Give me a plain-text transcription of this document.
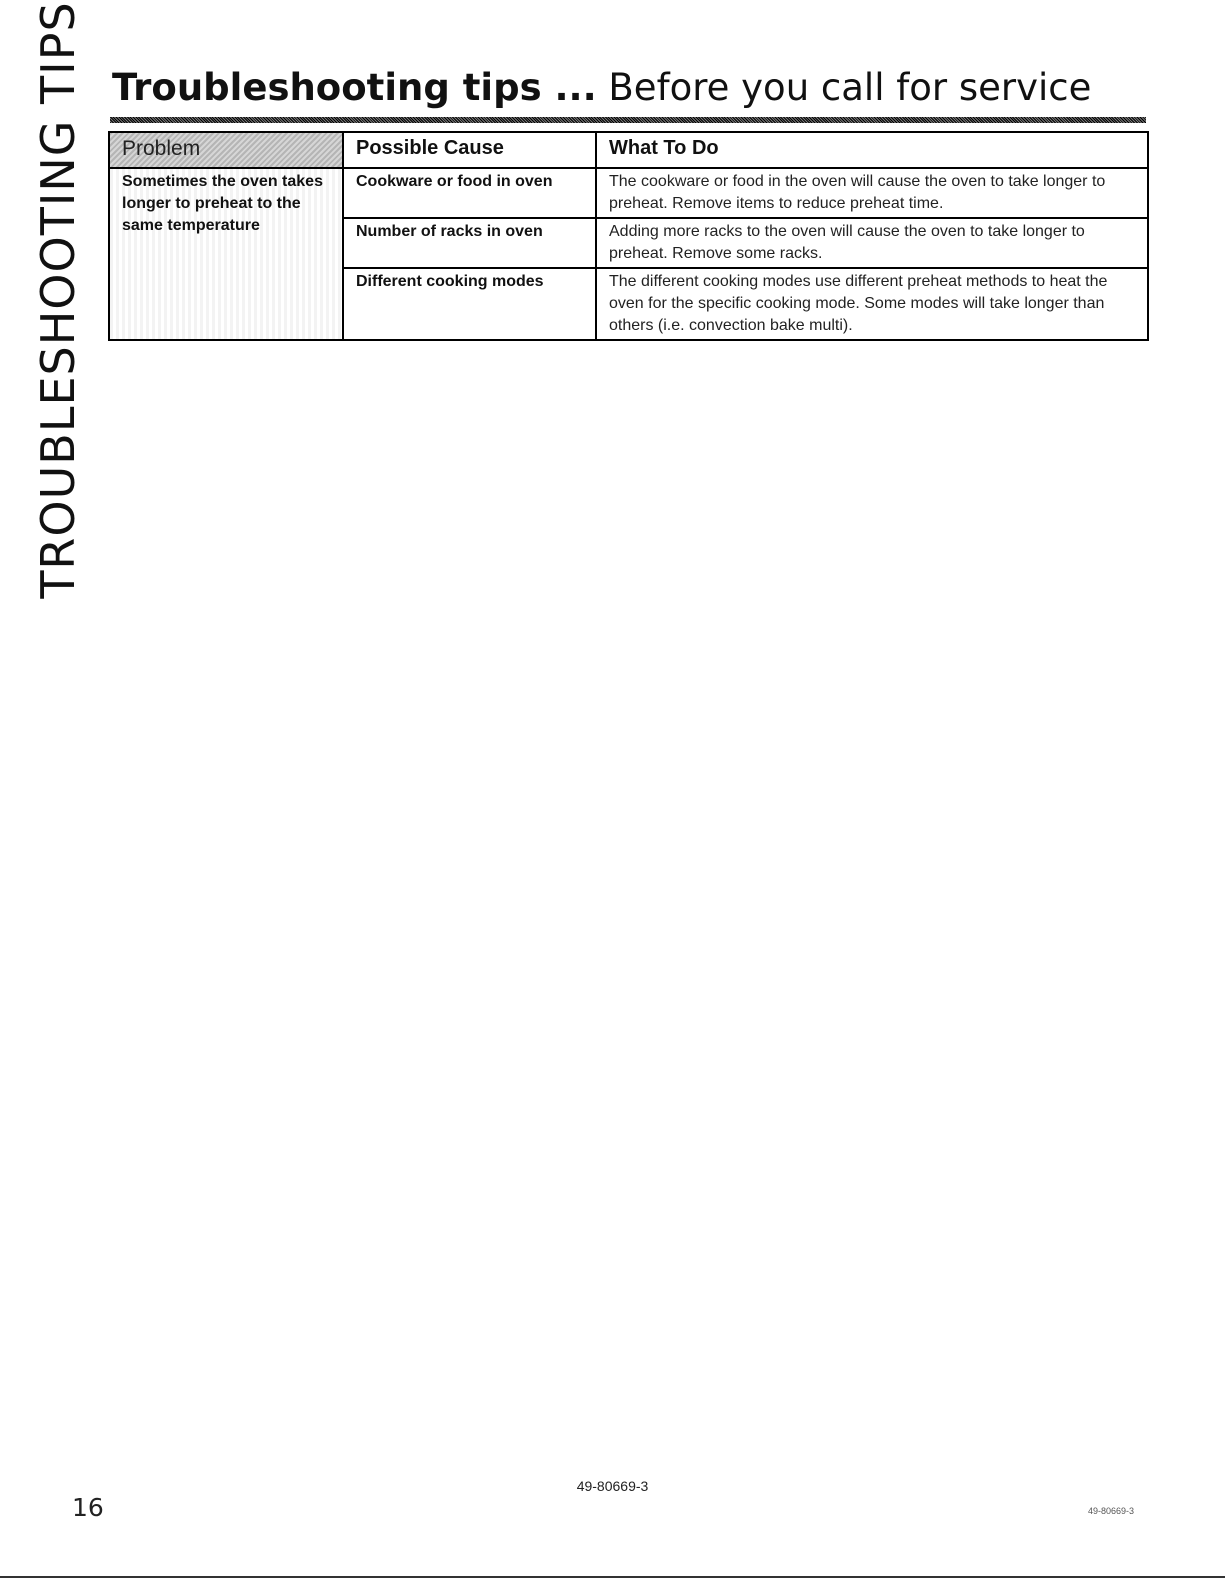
TROUBLESHOOTING TIPS Troubleshooting tips ... Before you call for service
Problem	Possible Cause	What To Do
Sometimes the oven takes longer to preheat to the same temperature	Cookware or food in oven	The cookware or food in the oven will cause the oven to take longer to preheat. Remove items to reduce preheat time.
	Number of racks in oven	Adding more racks to the oven will cause the oven to take longer to preheat. Remove some racks.
	Different cooking modes	The different cooking modes use different preheat methods to heat the oven for the specific cooking mode. Some modes will take longer than others (i.e. convection bake multi).
49-80669-3
16	49-80669-3
